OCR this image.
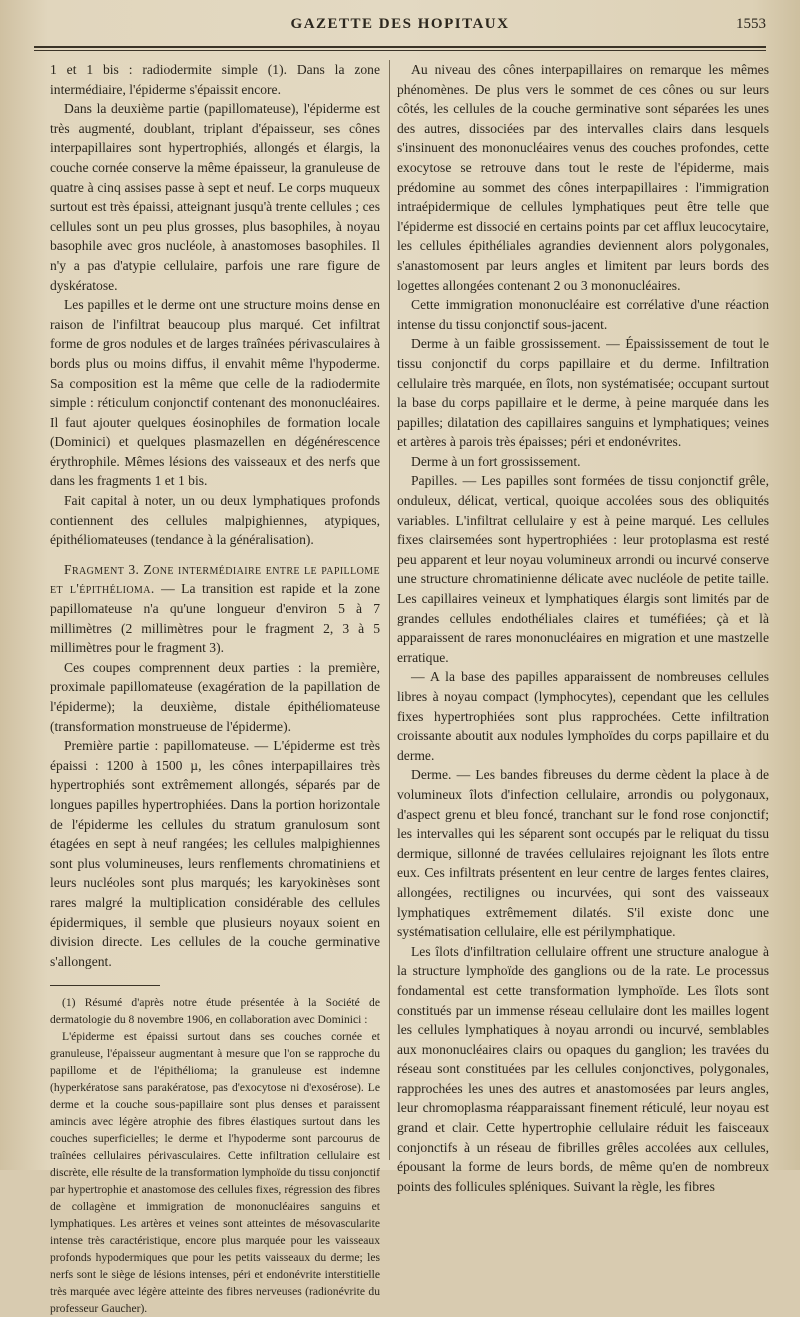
GAZETTE DES HOPITAUX	1553

1 et 1 bis : radiodermite simple (1). Dans la zone intermédiaire, l'épiderme s'épaissit encore.

Dans la deuxième partie (papillomateuse), l'épiderme est très augmenté, doublant, triplant d'épaisseur, ses cônes interpapillaires sont hypertrophiés, allongés et élargis, la couche cornée conserve la même épaisseur, la granuleuse de quatre à cinq assises passe à sept et neuf. Le corps muqueux surtout est très épaissi, atteignant jusqu'à trente cellules ; ces cellules sont un peu plus grosses, plus basophiles, à noyau basophile avec gros nucléole, à anastomoses basophiles. Il n'y a pas d'atypie cellulaire, parfois une rare figure de dyskératose.

Les papilles et le derme ont une structure moins dense en raison de l'infiltrat beaucoup plus marqué. Cet infiltrat forme de gros nodules et de larges traînées périvasculaires à bords plus ou moins diffus, il envahit même l'hypoderme. Sa composition est la même que celle de la radiodermite simple : réticulum conjonctif contenant des mononucléaires. Il faut ajouter quelques éosinophiles de formation locale (Dominici) et quelques plasmazellen en dégénérescence érythrophile. Mêmes lésions des vaisseaux et des nerfs que dans les fragments 1 et 1 bis.

Fait capital à noter, un ou deux lymphatiques profonds contiennent des cellules malpighiennes, atypiques, épithéliomateuses (tendance à la généralisation).

Fragment 3. Zone intermédiaire entre le papillome et l'épithélioma. — La transition est rapide et la zone papillomateuse n'a qu'une longueur d'environ 5 à 7 millimètres (2 millimètres pour le fragment 2, 3 à 5 millimètres pour le fragment 3).

Ces coupes comprennent deux parties : la première, proximale papillomateuse (exagération de la papillation de l'épiderme); la deuxième, distale épithéliomateuse (transformation monstrueuse de l'épiderme).

Première partie : papillomateuse. — L'épiderme est très épaissi : 1200 à 1500 µ, les cônes interpapillaires très hypertrophiés sont extrêmement allongés, séparés par de longues papilles hypertrophiées. Dans la portion horizontale de l'épiderme les cellules du stratum granulosum sont étagées en sept à neuf rangées; les cellules malpighiennes sont plus volumineuses, leurs renflements chromatiniens et leurs nucléoles sont plus marqués; les karyokinèses sont rares malgré la multiplication considérable des cellules épidermiques, il semble que plusieurs noyaux soient en division directe. Les cellules de la couche germinative s'allongent.

(1) Résumé d'après notre étude présentée à la Société de dermatologie du 8 novembre 1906, en collaboration avec Dominici :

L'épiderme est épaissi surtout dans ses couches cornée et granuleuse, l'épaisseur augmentant à mesure que l'on se rapproche du papillome et de l'épithélioma; la granuleuse est indemne (hyperkératose sans parakératose, pas d'exocytose ni d'exosérose). Le derme et la couche sous-papillaire sont plus denses et paraissent amincis avec légère atrophie des fibres élastiques surtout dans les couches superficielles; le derme et l'hypoderme sont parcourus de traînées cellulaires périvasculaires. Cette infiltration cellulaire est discrète, elle résulte de la transformation lymphoïde du tissu conjonctif par hypertrophie et anastomose des cellules fixes, régression des fibres de collagène et immigration de mononucléaires sanguins et lymphatiques. Les artères et veines sont atteintes de mésovascularite intense très caractéristique, encore plus marquée pour les vaisseaux profonds hypodermiques que pour les petits vaisseaux du derme; les nerfs sont le siège de lésions intenses, péri et endonévrite interstitielle très marquée avec légère atteinte des fibres nerveuses (radionévrite du professeur Gaucher).

Au niveau des cônes interpapillaires on remarque les mêmes phénomènes. De plus vers le sommet de ces cônes ou sur leurs côtés, les cellules de la couche germinative sont séparées les unes des autres, dissociées par des intervalles clairs dans lesquels s'insinuent des mononucléaires venus des couches profondes, cette exocytose se retrouve dans tout le reste de l'épiderme, mais prédomine au sommet des cônes interpapillaires : l'immigration intraépidermique de cellules lymphatiques peut être telle que l'épiderme est dissocié en certains points par cet afflux leucocytaire, les cellules épithéliales agrandies deviennent alors polygonales, s'anastomosent par leurs angles et limitent par leurs bords des logettes allongées contenant 2 ou 3 mononucléaires.

Cette immigration mononucléaire est corrélative d'une réaction intense du tissu conjonctif sous-jacent.

Derme à un faible grossissement. — Épaississement de tout le tissu conjonctif du corps papillaire et du derme. Infiltration cellulaire très marquée, en îlots, non systématisée; occupant surtout la base du corps papillaire et le derme, à peine marquée dans les papilles; dilatation des capillaires sanguins et lymphatiques; veines et artères à parois très épaisses; péri et endonévrites.

Derme à un fort grossissement.

Papilles. — Les papilles sont formées de tissu conjonctif grêle, onduleux, délicat, vertical, quoique accolées sous des obliquités variables. L'infiltrat cellulaire y est à peine marqué. Les cellules fixes clairsemées sont hypertrophiées : leur protoplasma est resté peu apparent et leur noyau volumineux arrondi ou incurvé conserve une structure chromatinienne délicate avec nucléole de petite taille. Les capillaires veineux et lymphatiques élargis sont limités par de grandes cellules endothéliales claires et tuméfiées; çà et là apparaissent de rares mononucléaires en migration et une mastzelle erratique.

— A la base des papilles apparaissent de nombreuses cellules libres à noyau compact (lymphocytes), cependant que les cellules fixes hypertrophiées sont plus rapprochées. Cette infiltration croissante aboutit aux nodules lymphoïdes du corps papillaire et du derme.

Derme. — Les bandes fibreuses du derme cèdent la place à de volumineux îlots d'infection cellulaire, arrondis ou polygonaux, d'aspect grenu et bleu foncé, tranchant sur le fond rose conjonctif; les intervalles qui les séparent sont occupés par le reliquat du tissu dermique, sillonné de travées cellulaires rejoignant les îlots entre eux. Ces infiltrats présentent en leur centre de larges fentes claires, allongées, rectilignes ou incurvées, qui sont des vaisseaux lymphatiques extrêmement dilatés. S'il existe donc une systématisation cellulaire, elle est périlymphatique.

Les îlots d'infiltration cellulaire offrent une structure analogue à la structure lymphoïde des ganglions ou de la rate. Le processus fondamental est cette transformation lymphoïde. Les îlots sont constitués par un immense réseau cellulaire dont les mailles logent les cellules lymphatiques à noyau arrondi ou incurvé, semblables aux mononucléaires clairs ou opaques du ganglion; les travées du réseau sont constituées par les cellules conjonctives, polygonales, rapprochées les unes des autres et anastomosées par leurs angles, leur chromoplasma réapparaissant finement réticulé, leur noyau est grand et clair. Cette hypertrophie cellulaire réduit les faisceaux conjonctifs à un réseau de fibrilles grêles accolées aux cellules, épousant la forme de leurs bords, de même qu'en de nombreux points des follicules spléniques. Suivant la règle, les fibres
